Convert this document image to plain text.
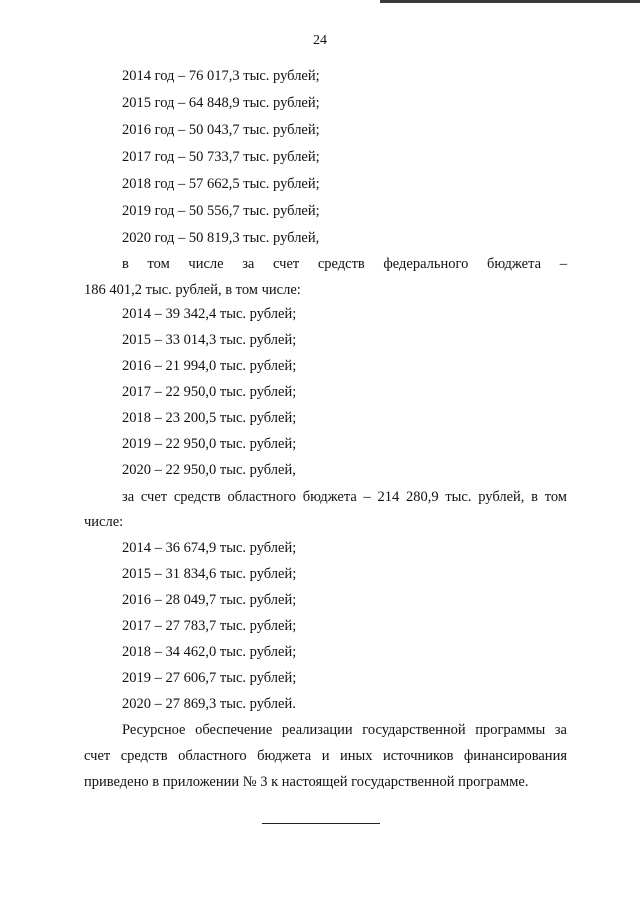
24
2014 год – 76 017,3 тыс. рублей;
2015 год – 64 848,9 тыс. рублей;
2016 год – 50 043,7 тыс. рублей;
2017 год – 50 733,7 тыс. рублей;
2018 год – 57 662,5 тыс. рублей;
2019 год – 50 556,7 тыс. рублей;
2020 год – 50 819,3 тыс. рублей,
в том числе за счет средств федерального бюджета –
186 401,2 тыс. рублей, в том числе:
2014 – 39 342,4 тыс. рублей;
2015 – 33 014,3 тыс. рублей;
2016 – 21 994,0 тыс. рублей;
2017 – 22 950,0 тыс. рублей;
2018 – 23 200,5 тыс. рублей;
2019 – 22 950,0 тыс. рублей;
2020 – 22 950,0 тыс. рублей,
за счет средств областного бюджета – 214 280,9 тыс. рублей, в том
числе:
2014 – 36 674,9 тыс. рублей;
2015 – 31 834,6 тыс. рублей;
2016 – 28 049,7 тыс. рублей;
2017 – 27 783,7 тыс. рублей;
2018 – 34 462,0 тыс. рублей;
2019 – 27 606,7 тыс. рублей;
2020 – 27 869,3 тыс. рублей.
Ресурсное обеспечение реализации государственной программы за
счет средств областного бюджета и иных источников финансирования
приведено в приложении № 3 к настоящей государственной программе.
